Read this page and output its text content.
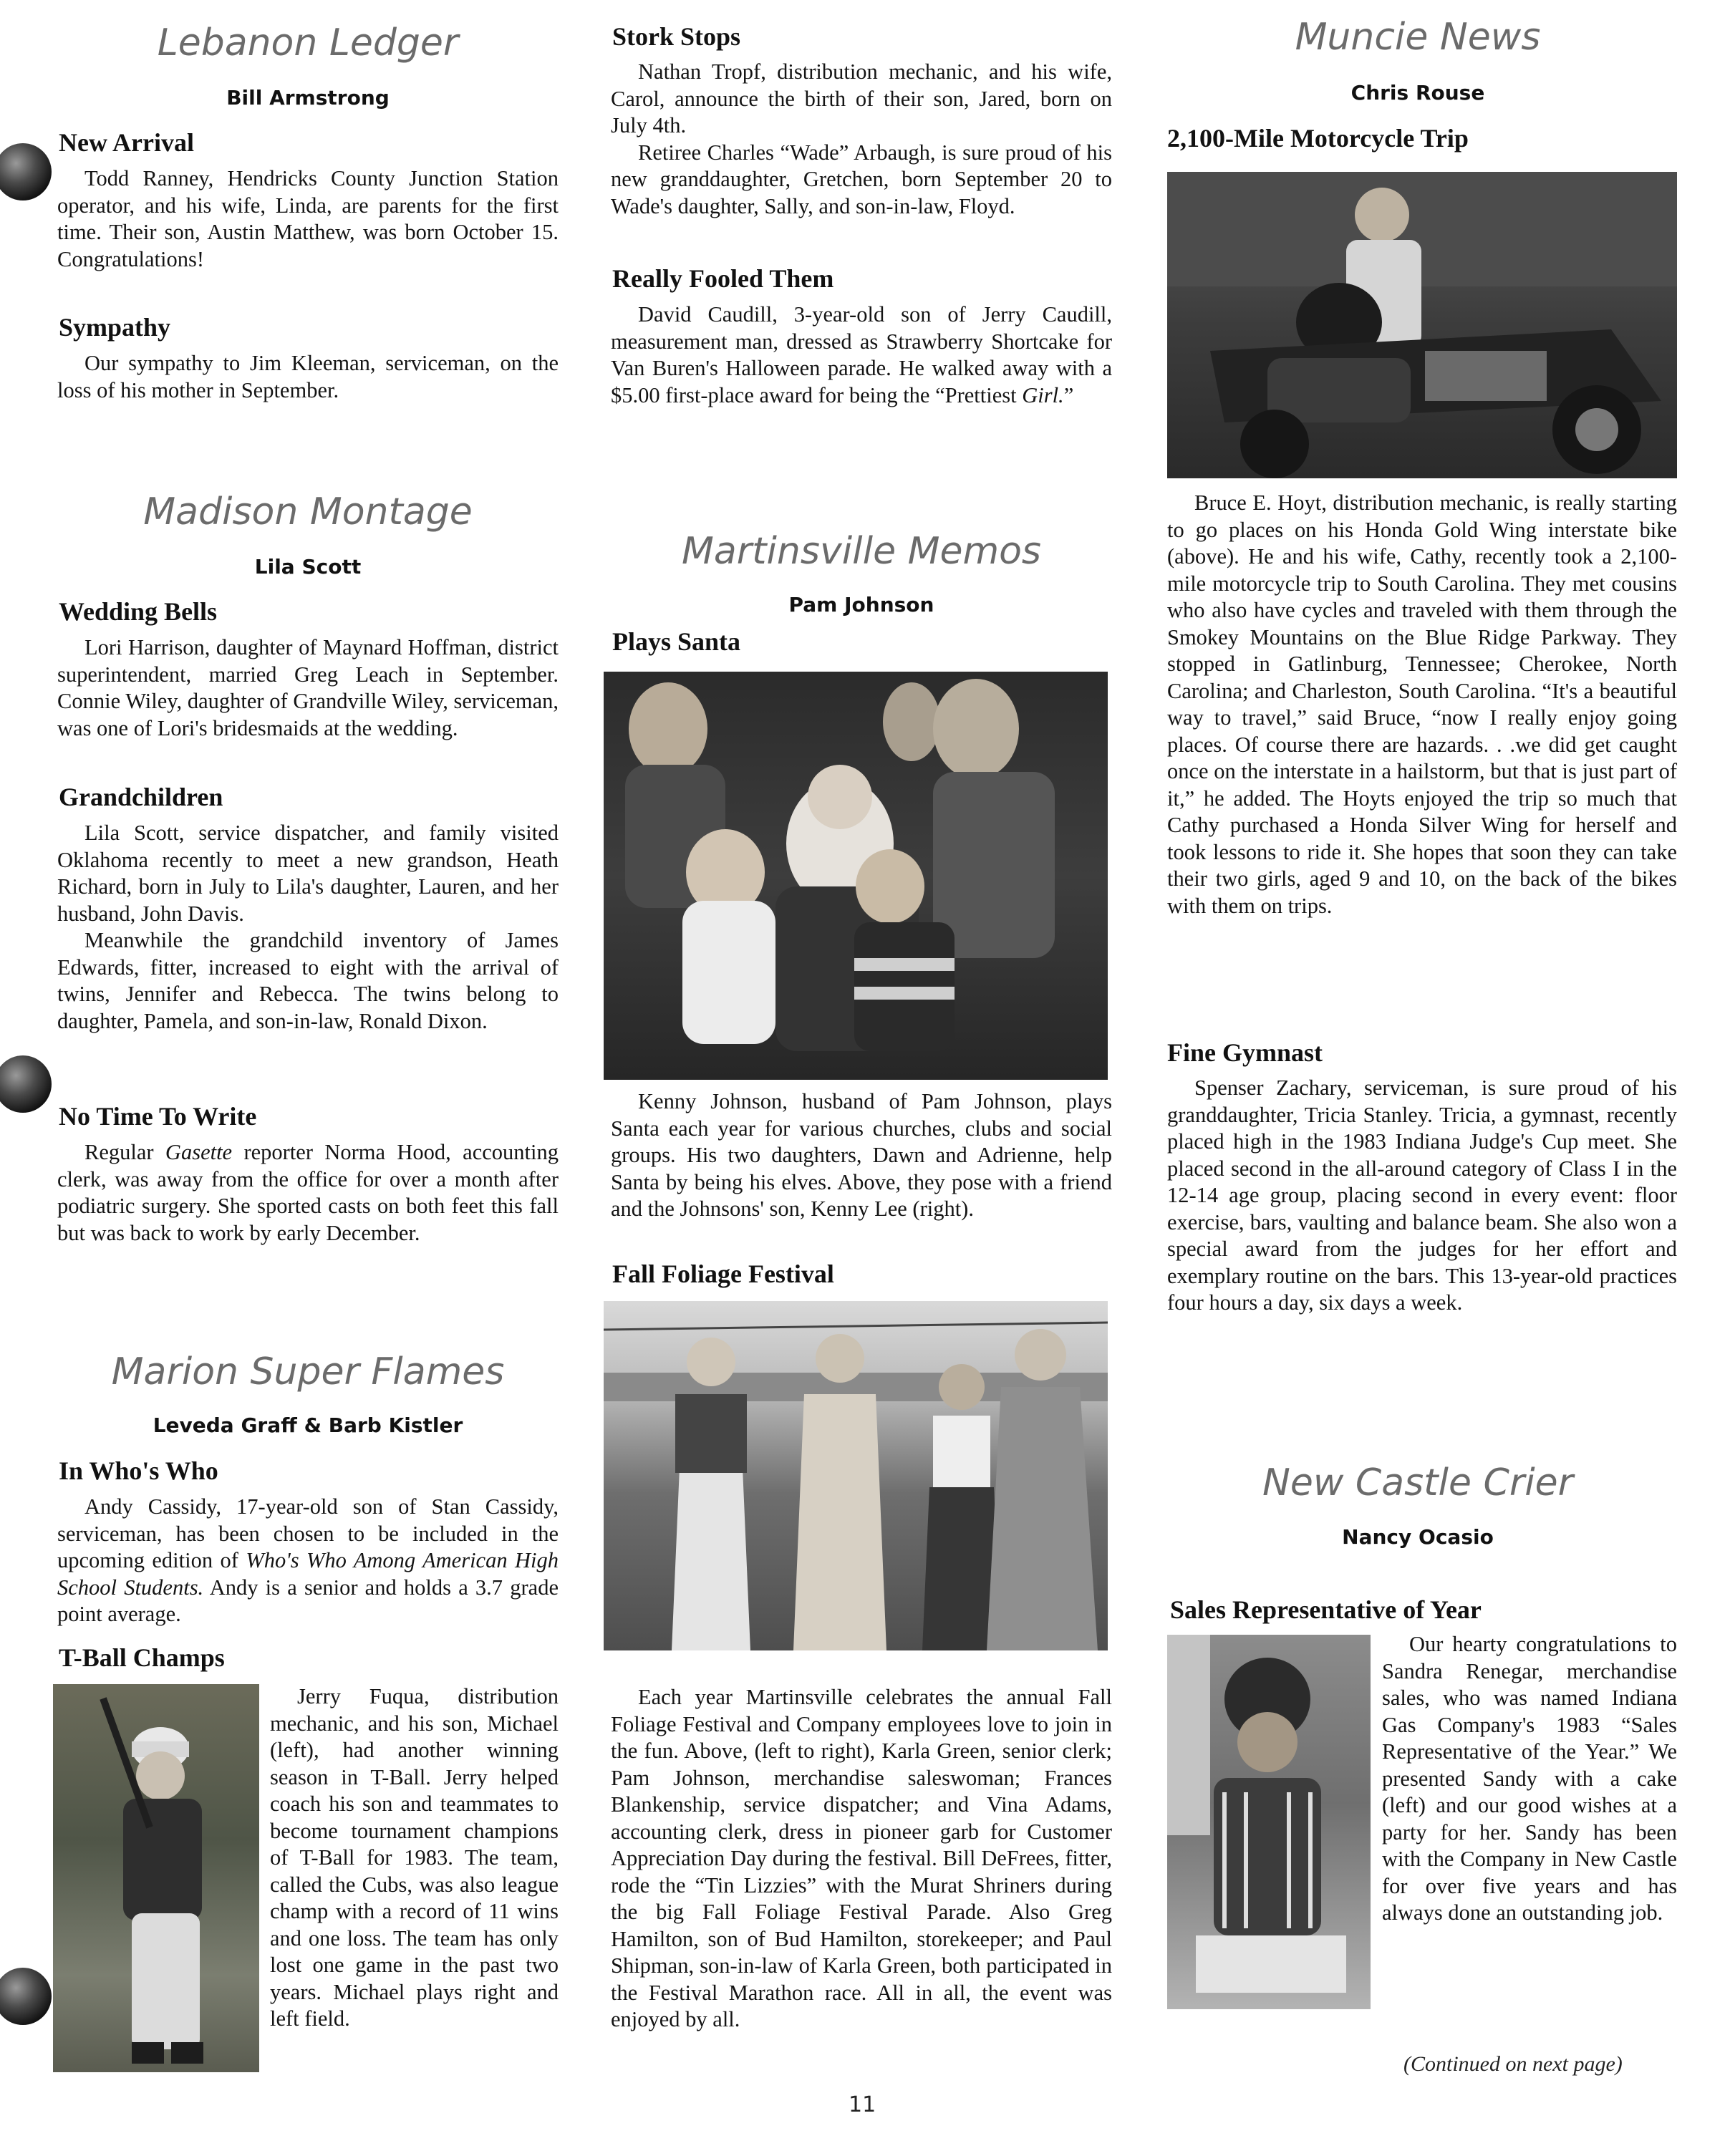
Lebanon Ledger
Bill Armstrong
New Arrival

Todd Ranney, Hendricks County Junction Station operator, and his wife, Linda, are parents for the first time. Their son, Austin Matthew, was born October 15. Congratulations!

Sympathy

Our sympathy to Jim Kleeman, serviceman, on the loss of his mother in September.

Madison Montage
Lila Scott
Wedding Bells

Lori Harrison, daughter of Maynard Hoffman, district superintendent, married Greg Leach in September. Connie Wiley, daughter of Grandville Wiley, serviceman, was one of Lori's bridesmaids at the wedding.

Grandchildren

Lila Scott, service dispatcher, and family visited Oklahoma recently to meet a new grandson, Heath Richard, born in July to Lila's daughter, Lauren, and her husband, John Davis.

Meanwhile the grandchild inventory of James Edwards, fitter, increased to eight with the arrival of twins, Jennifer and Rebecca. The twins belong to daughter, Pamela, and son-in-law, Ronald Dixon.

No Time To Write

Regular Gasette reporter Norma Hood, accounting clerk, was away from the office for over a month after podiatric surgery. She sported casts on both feet this fall but was back to work by early December.

Marion Super Flames
Leveda Graff & Barb Kistler
In Who's Who

Andy Cassidy, 17-year-old son of Stan Cassidy, serviceman, has been chosen to be included in the upcoming edition of Who's Who Among American High School Students. Andy is a senior and holds a 3.7 grade point average.

T-Ball Champs

Jerry Fuqua, distribution mechanic, and his son, Michael (left), had another winning season in T-Ball. Jerry helped coach his son and teammates to become tournament champions of T-Ball for 1983. The team, called the Cubs, was also league champ with a record of 11 wins and one loss. The team has only lost one game in the past two years. Michael plays right and left field.

Stork Stops

Nathan Tropf, distribution mechanic, and his wife, Carol, announce the birth of their son, Jared, born on July 4th.

Retiree Charles “Wade” Arbaugh, is sure proud of his new granddaughter, Gretchen, born September 20 to Wade's daughter, Sally, and son-in-law, Floyd.

Really Fooled Them

David Caudill, 3-year-old son of Jerry Caudill, measurement man, dressed as Strawberry Shortcake for Van Buren's Halloween parade. He walked away with a $5.00 first-place award for being the “Prettiest Girl.”

Martinsville Memos
Pam Johnson
Plays Santa

Kenny Johnson, husband of Pam Johnson, plays Santa each year for various churches, clubs and social groups. His two daughters, Dawn and Adrienne, help Santa by being his elves. Above, they pose with a friend and the Johnsons' son, Kenny Lee (right).

Fall Foliage Festival

Each year Martinsville celebrates the annual Fall Foliage Festival and Company employees love to join in the fun. Above, (left to right), Karla Green, senior clerk; Pam Johnson, merchandise saleswoman; Frances Blankenship, service dispatcher; and Vina Adams, accounting clerk, dress in pioneer garb for Customer Appreciation Day during the festival. Bill DeFrees, fitter, rode the “Tin Lizzies” with the Murat Shriners during the big Fall Foliage Festival Parade. Also Greg Hamilton, son of Bud Hamilton, storekeeper; and Paul Shipman, son-in-law of Karla Green, both participated in the Festival Marathon race. All in all, the event was enjoyed by all.

Muncie News
Chris Rouse
2,100-Mile Motorcycle Trip

Bruce E. Hoyt, distribution mechanic, is really starting to go places on his Honda Gold Wing interstate bike (above). He and his wife, Cathy, recently took a 2,100-mile motorcycle trip to South Carolina. They met cousins who also have cycles and traveled with them through the Smokey Mountains on the Blue Ridge Parkway. They stopped in Gatlinburg, Tennessee; Cherokee, North Carolina; and Charleston, South Carolina. “It's a beautiful way to travel,” said Bruce, “now I really enjoy going places. Of course there are hazards. . .we did get caught once on the interstate in a hailstorm, but that is just part of it,” he added. The Hoyts enjoyed the trip so much that Cathy purchased a Honda Silver Wing for herself and took lessons to ride it. She hopes that soon they can take their two girls, aged 9 and 10, on the back of the bikes with them on trips.

Fine Gymnast

Spenser Zachary, serviceman, is sure proud of his granddaughter, Tricia Stanley. Tricia, a gymnast, recently placed high in the 1983 Indiana Judge's Cup meet. She placed second in the all-around category of Class I in the 12-14 age group, placing second in every event: floor exercise, bars, vaulting and balance beam. She also won a special award from the judges for her effort and exemplary routine on the bars. This 13-year-old practices four hours a day, six days a week.

New Castle Crier
Nancy Ocasio
Sales Representative of Year

Our hearty congratulations to Sandra Renegar, merchandise sales, who was named Indiana Gas Company's 1983 “Sales Representative of the Year.” We presented Sandy with a cake (left) and our good wishes at a party for her. Sandy has been with the Company in New Castle for over five years and has always done an outstanding job.

(Continued on next page)
11
